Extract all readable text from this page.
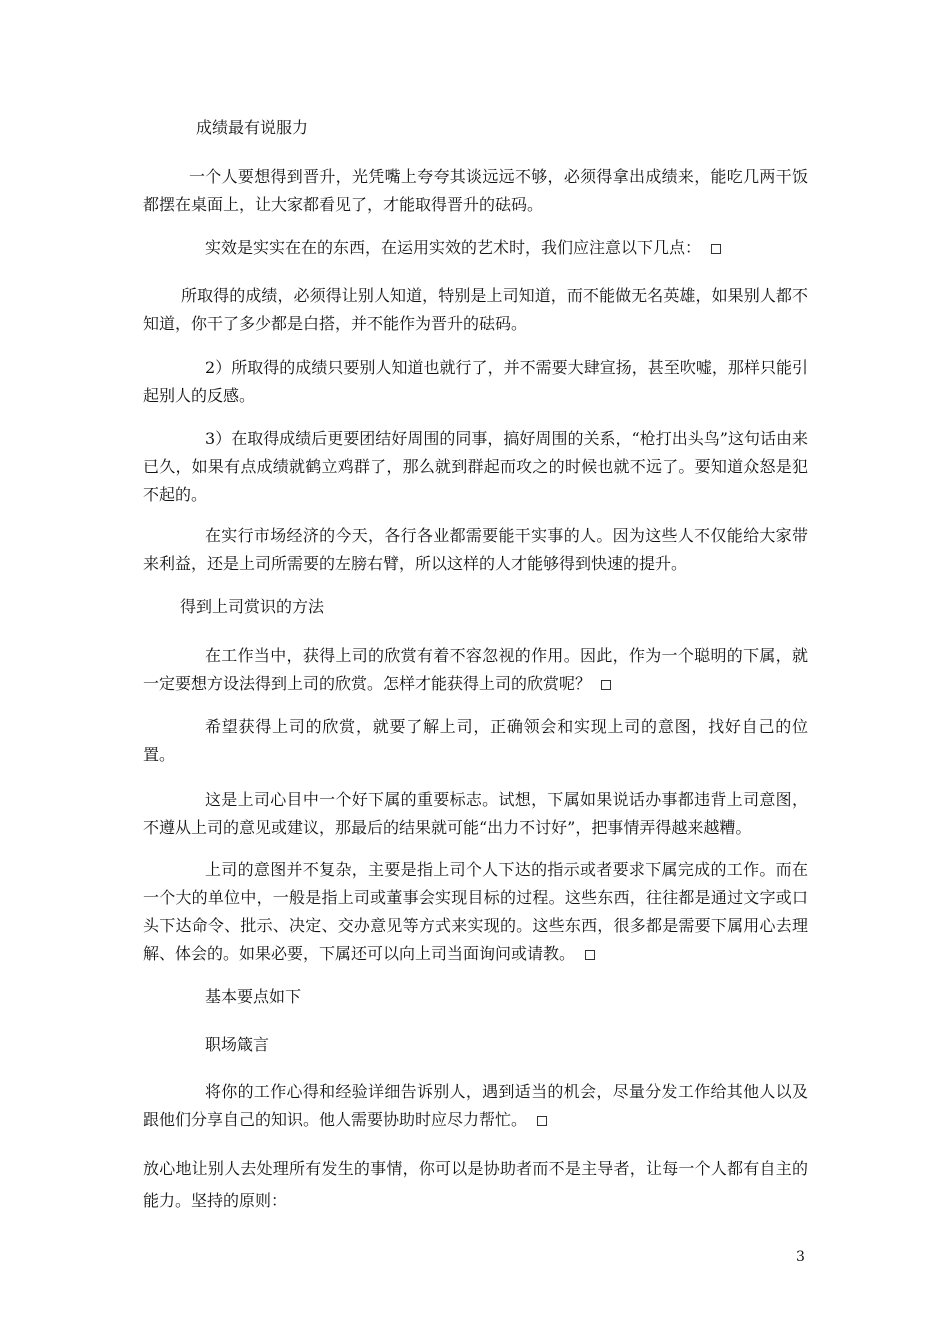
成绩最有说服力

一个人要想得到晋升，光凭嘴上夸夸其谈远远不够，必须得拿出成绩来，能吃几两干饭都摆在桌面上，让大家都看见了，才能取得晋升的砝码。

实效是实实在在的东西，在运用实效的艺术时，我们应注意以下几点：

所取得的成绩，必须得让别人知道，特别是上司知道，而不能做无名英雄，如果别人都不知道，你干了多少都是白搭，并不能作为晋升的砝码。

2）所取得的成绩只要别人知道也就行了，并不需要大肆宣扬，甚至吹嘘，那样只能引起别人的反感。

3）在取得成绩后更要团结好周围的同事，搞好周围的关系，“枪打出头鸟”这句话由来已久，如果有点成绩就鹤立鸡群了，那么就到群起而攻之的时候也就不远了。要知道众怒是犯不起的。

在实行市场经济的今天，各行各业都需要能干实事的人。因为这些人不仅能给大家带来利益，还是上司所需要的左膀右臂，所以这样的人才能够得到快速的提升。

得到上司赏识的方法

在工作当中，获得上司的欣赏有着不容忽视的作用。因此，作为一个聪明的下属，就一定要想方设法得到上司的欣赏。怎样才能获得上司的欣赏呢？

希望获得上司的欣赏，就要了解上司，正确领会和实现上司的意图，找好自己的位置。

这是上司心目中一个好下属的重要标志。试想，下属如果说话办事都违背上司意图，不遵从上司的意见或建议，那最后的结果就可能“出力不讨好”，把事情弄得越来越糟。

上司的意图并不复杂，主要是指上司个人下达的指示或者要求下属完成的工作。而在一个大的单位中，一般是指上司或董事会实现目标的过程。这些东西，往往都是通过文字或口头下达命令、批示、决定、交办意见等方式来实现的。这些东西，很多都是需要下属用心去理解、体会的。如果必要，下属还可以向上司当面询问或请教。

基本要点如下

职场箴言

将你的工作心得和经验详细告诉别人，遇到适当的机会，尽量分发工作给其他人以及跟他们分享自己的知识。他人需要协助时应尽力帮忙。

放心地让别人去处理所有发生的事情，你可以是协助者而不是主导者，让每一个人都有自主的能力。坚持的原则：

3
